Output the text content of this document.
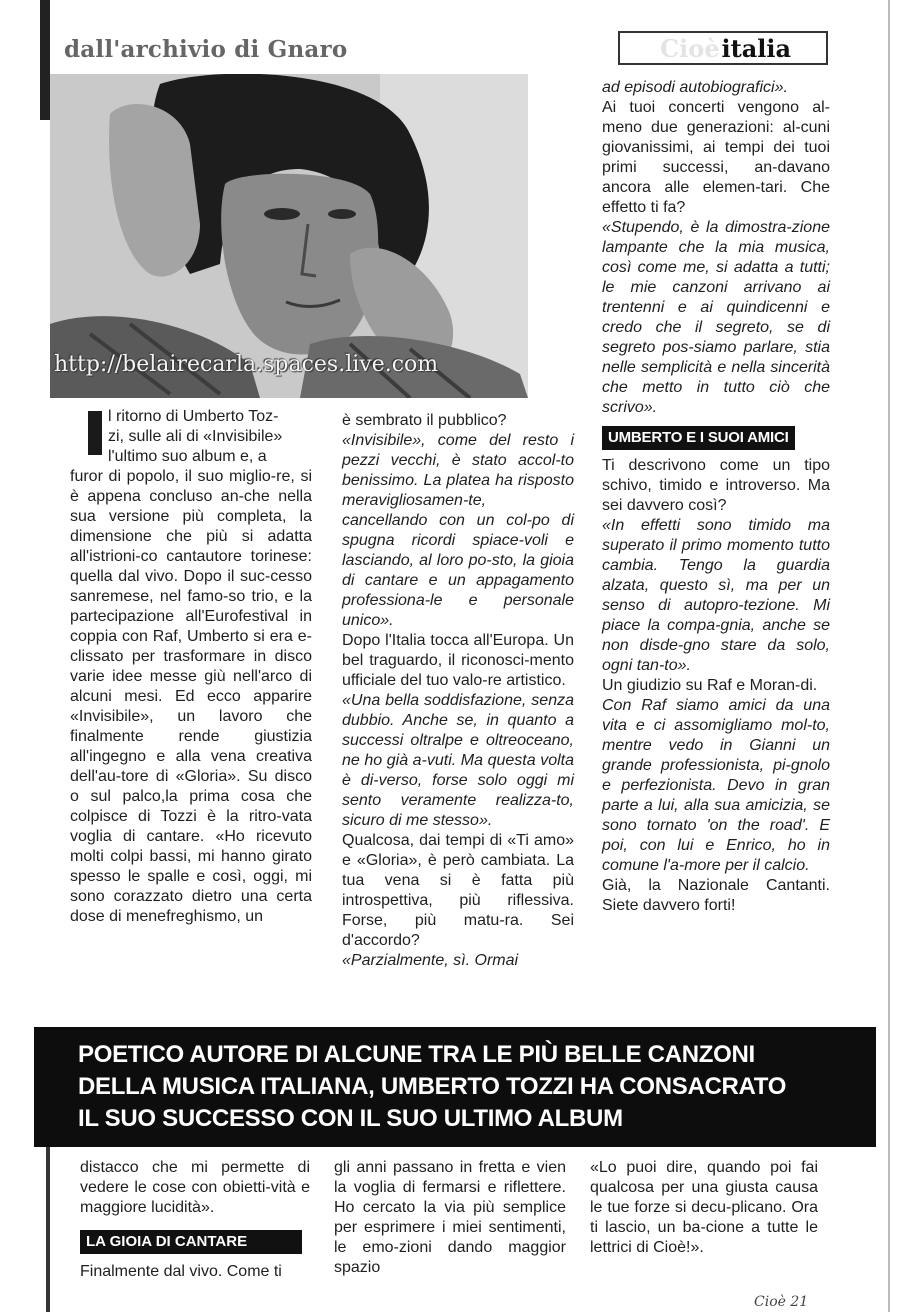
dall'archivio di Gnaro	Cioè italia
http://belairecarla.spaces.live.com

l ritorno di Umberto Toz-

zi, sulle ali di «Invisibile»

l'ultimo suo album e, a

furor di popolo, il suo miglio-re, si è appena concluso an-che nella sua versione più completa, la dimensione che più si adatta all'istrioni-co cantautore torinese: quella dal vivo. Dopo il suc-cesso sanremese, nel famo-so trio, e la partecipazione all'Eurofestival in coppia con Raf, Umberto si era e-clissato per trasformare in disco varie idee messe giù nell'arco di alcuni mesi. Ed ecco apparire «Invisibile», un lavoro che finalmente rende giustizia all'ingegno e alla vena creativa dell'au-tore di «Gloria». Su disco o sul palco,la prima cosa che colpisce di Tozzi è la ritro-vata voglia di cantare. «Ho ricevuto molti colpi bassi, mi hanno girato spesso le spalle e così, oggi, mi sono corazzato dietro una certa dose di menefreghismo, un

è sembrato il pubblico?

«Invisibile», come del resto i pezzi vecchi, è stato accol-to benissimo. La platea ha risposto meravigliosamen-te, cancellando con un col-po di spugna ricordi spiace-voli e lasciando, al loro po-sto, la gioia di cantare e un appagamento professiona-le e personale unico».

Dopo l'Italia tocca all'Europa. Un bel traguardo, il riconosci-mento ufficiale del tuo valo-re artistico.

«Una bella soddisfazione, senza dubbio. Anche se, in quanto a successi oltralpe e oltreoceano, ne ho già a-vuti. Ma questa volta è di-verso, forse solo oggi mi sento veramente realizza-to, sicuro di me stesso».

Qualcosa, dai tempi di «Ti amo» e «Gloria», è però cambiata. La tua vena si è fatta più introspettiva, più riflessiva. Forse, più matu-ra. Sei d'accordo?

«Parzialmente, sì. Ormai

ad episodi autobiografici».

Ai tuoi concerti vengono al-meno due generazioni: al-cuni giovanissimi, ai tempi dei tuoi primi successi, an-davano ancora alle elemen-tari. Che effetto ti fa?

«Stupendo, è la dimostra-zione lampante che la mia musica, così come me, si adatta a tutti; le mie canzoni arrivano ai trentenni e ai quindicenni e credo che il segreto, se di segreto pos-siamo parlare, stia nelle semplicità e nella sincerità che metto in tutto ciò che scrivo».

UMBERTO E I SUOI AMICI

Ti descrivono come un tipo schivo, timido e introverso. Ma sei davvero così?

«In effetti sono timido ma superato il primo momento tutto cambia. Tengo la guardia alzata, questo sì, ma per un senso di autopro-tezione. Mi piace la compa-gnia, anche se non disde-gno stare da solo, ogni tan-to».

Un giudizio su Raf e Moran-di.

Con Raf siamo amici da una vita e ci assomigliamo mol-to, mentre vedo in Gianni un grande professionista, pi-gnolo e perfezionista. Devo in gran parte a lui, alla sua amicizia, se sono tornato 'on the road'. E poi, con lui e Enrico, ho in comune l'a-more per il calcio.

Già, la Nazionale Cantanti. Siete davvero forti!

POETICO AUTORE DI ALCUNE TRA LE PIÙ BELLE CANZONI
DELLA MUSICA ITALIANA, UMBERTO TOZZI HA CONSACRATO
IL SUO SUCCESSO CON IL SUO ULTIMO ALBUM

distacco che mi permette di vedere le cose con obietti-vità e maggiore lucidità».

LA GIOIA DI CANTARE

Finalmente dal vivo. Come ti

gli anni passano in fretta e vien la voglia di fermarsi e riflettere. Ho cercato la via più semplice per esprimere i miei sentimenti, le emo-zioni dando maggior spazio

«Lo puoi dire, quando poi fai qualcosa per una giusta causa le tue forze si decu-plicano. Ora ti lascio, un ba-cione a tutte le lettrici di Cioè!».

Cioè 21
